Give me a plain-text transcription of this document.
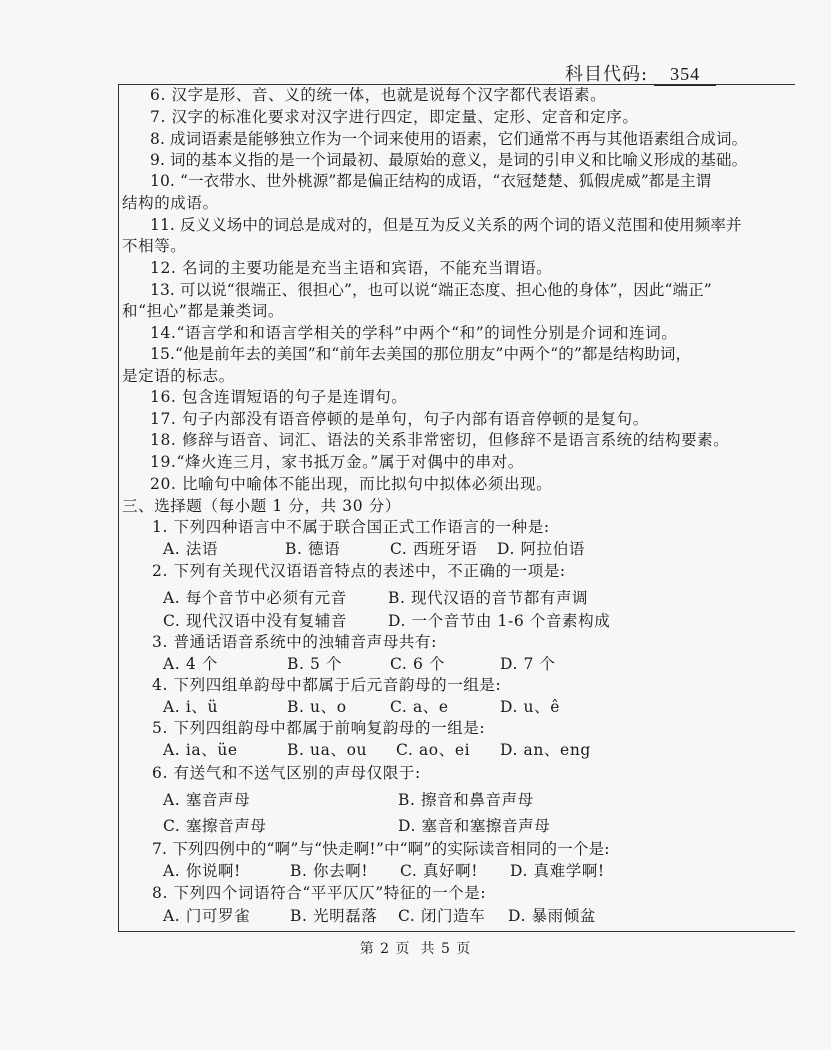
科目代码: 354
6. 汉字是形、音、义的统一体，也就是说每个汉字都代表语素。
7. 汉字的标准化要求对汉字进行四定，即定量、定形、定音和定序。
8. 成词语素是能够独立作为一个词来使用的语素，它们通常不再与其他语素组合成词。
9. 词的基本义指的是一个词最初、最原始的意义，是词的引申义和比喻义形成的基础。
10. “一衣带水、世外桃源”都是偏正结构的成语，“衣冠楚楚、狐假虎威”都是主谓
结构的成语。
11. 反义义场中的词总是成对的，但是互为反义关系的两个词的语义范围和使用频率并
不相等。
12. 名词的主要功能是充当主语和宾语，不能充当谓语。
13. 可以说“很端正、很担心”，也可以说“端正态度、担心他的身体”，因此“端正”
和“担心”都是兼类词。
14.“语言学和和语言学相关的学科”中两个“和”的词性分别是介词和连词。
15.“他是前年去的美国”和“前年去美国的那位朋友”中两个“的”都是结构助词，
是定语的标志。
16. 包含连谓短语的句子是连谓句。
17. 句子内部没有语音停顿的是单句，句子内部有语音停顿的是复句。
18. 修辞与语音、词汇、语法的关系非常密切，但修辞不是语言系统的结构要素。
19.“烽火连三月，家书抵万金。”属于对偶中的串对。
20. 比喻句中喻体不能出现，而比拟句中拟体必须出现。
三、选择题（每小题 1 分，共 30 分）
1. 下列四种语言中不属于联合国正式工作语言的一种是:
A. 法语	B. 德语	C. 西班牙语 D. 阿拉伯语
2. 下列有关现代汉语语音特点的表述中，不正确的一项是:
A. 每个音节中必须有元音	B. 现代汉语的音节都有声调
C. 现代汉语中没有复辅音	D. 一个音节由 1-6 个音素构成
3. 普通话语音系统中的浊辅音声母共有:
A. 4 个	B. 5 个	C. 6 个	D. 7 个
4. 下列四组单韵母中都属于后元音韵母的一组是:
A. i、ü	B. u、o	C. a、e	D. u、ê
5. 下列四组韵母中都属于前响复韵母的一组是:
A. ia、üe	B. ua、ou C. ao、ei D. an、eng
6. 有送气和不送气区别的声母仅限于:
A. 塞音声母	B. 擦音和鼻音声母
C. 塞擦音声母	D. 塞音和塞擦音声母
7. 下列四例中的“啊”与“快走啊!”中“啊”的实际读音相同的一个是:
A. 你说啊!	B. 你去啊! C. 真好啊! D. 真难学啊!
8. 下列四个词语符合“平平仄仄”特征的一个是:
A. 门可罗雀	B. 光明磊落 C. 闭门造车 D. 暴雨倾盆
第 2 页 共 5 页
